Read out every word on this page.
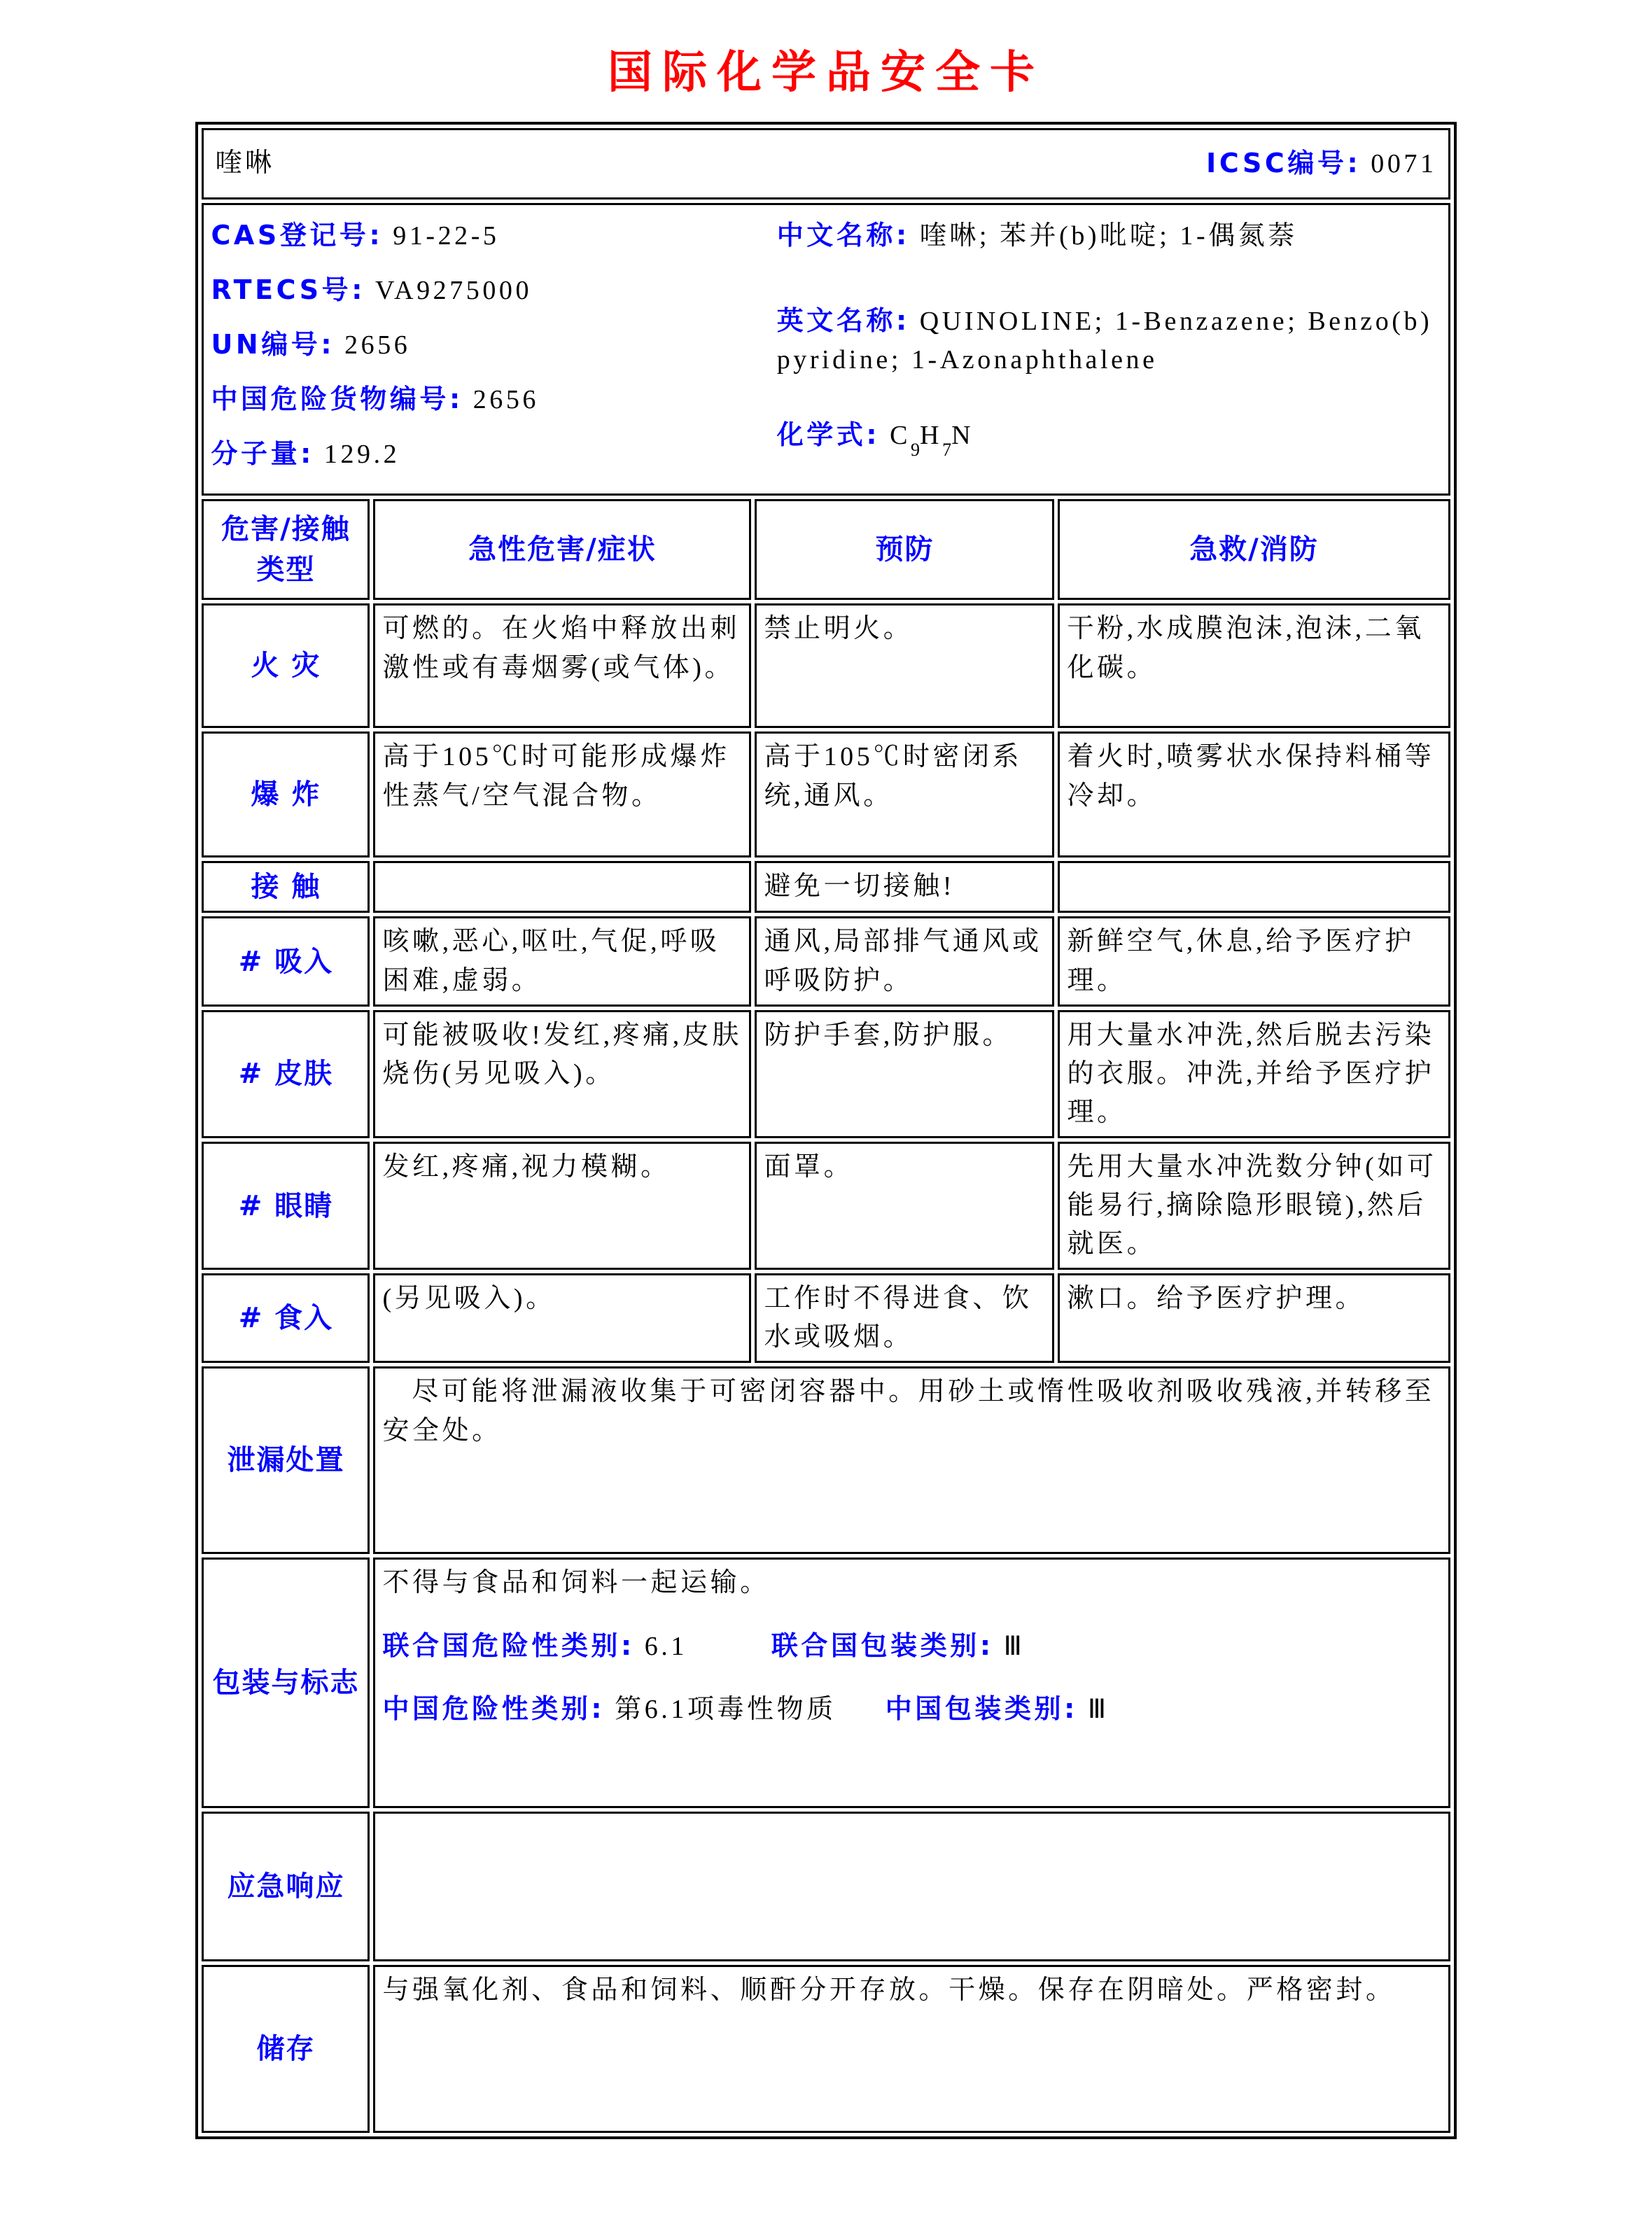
国际化学品安全卡
喹啉 ICSC编号: 0071			

CAS登记号: 91-22-5
RTECS号: VA9275000
UN编号: 2656
中国危险货物编号: 2656
分子量: 129.2
中文名称: 喹啉; 苯并(b)吡啶; 1-偶氮萘
英文名称: QUINOLINE; 1-Benzazene; Benzo(b)pyridine; 1-Azonaphthalene
化学式: $C_9H_7N$

危害/接触类型	急性危害/症状	预防	急救/消防
火 灾	可燃的。在火焰中释放出刺激性或有毒烟雾(或气体)。	禁止明火。	干粉,水成膜泡沫,泡沫,二氧化碳。
爆 炸	高于105℃时可能形成爆炸性蒸气/空气混合物。	高于105℃时密闭系统,通风。	着火时,喷雾状水保持料桶等冷却。
接 触		避免一切接触!	
# 吸入	咳嗽,恶心,呕吐,气促,呼吸困难,虚弱。	通风,局部排气通风或呼吸防护。	新鲜空气,休息,给予医疗护理。
# 皮肤	可能被吸收!发红,疼痛,皮肤烧伤(另见吸入)。	防护手套,防护服。	用大量水冲洗,然后脱去污染的衣服。冲洗,并给予医疗护理。
# 眼睛	发红,疼痛,视力模糊。	面罩。	先用大量水冲洗数分钟(如可能易行,摘除隐形眼镜),然后就医。
# 食入	(另见吸入)。	工作时不得进食、饮水或吸烟。	漱口。给予医疗护理。
泄漏处置	尽可能将泄漏液收集于可密闭容器中。用砂土或惰性吸收剂吸收残液,并转移至安全处。		

包装与标志	不得与食品和饲料一起运输。
联合国危险性类别: 6.1 联合国包装类别: Ⅲ
中国危险性类别: 第6.1项毒性物质 中国包装类别: Ⅲ		

应急响应			
储存	与强氧化剂、食品和饲料、顺酐分开存放。干燥。保存在阴暗处。严格密封。		
